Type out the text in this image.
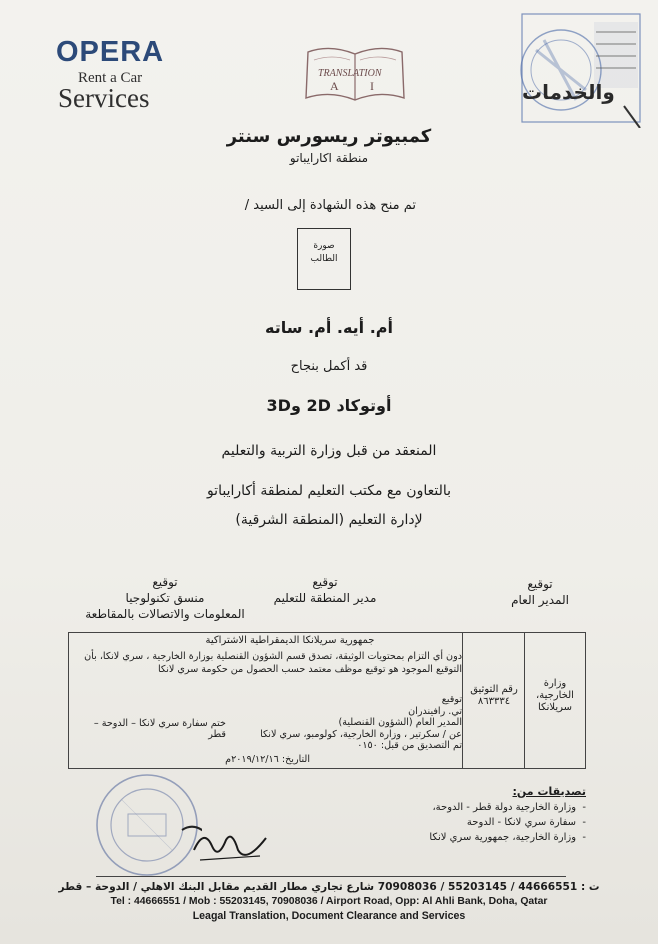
OPERA
Rent a Car
Services
TRANSLATION
A	I	والخدمات
كمبيوتر ريسورس سنتر
منطقة اكارايباتو
تم منح هذه الشهادة إلى السيد /
صورة
الطالب
أم. أيه. أم. ساته
قد أكمل بنجاح
أوتوكاد 2D و3D
المنعقد من قبل وزارة التربية والتعليم
بالتعاون مع مكتب التعليم لمنطقة أكارايباتو
لإدارة التعليم (المنطقة الشرقية)
توقيع
المدير العام
توقيع
مدير المنطقة للتعليم
توقيع
منسق تكنولوجيا
المعلومات والاتصالات بالمقاطعة
وزارة الخارجية، سريلانكا
رقم التوثيق
٨٦٣٣٣٤
جمهورية سريلانكا الديمقراطية الاشتراكية
دون أي التزام بمحتويات الوثيقة، تصدق قسم الشؤون القنصلية بوزارة الخارجية ، سري لانكا، بأن
التوقيع الموجود هو توقيع موظف معتمد حسب الحصول من حكومة سري لانكا
توقيع
تي. رافيندران
المدير العام (الشؤون القنصلية)
عن / سكرتير ، وزارة الخارجية، كولومبو، سري لانكا
تم التصديق من قبل: ٠١٥٠
ختم سفارة سري لانكا – الدوحة – قطر
التاريخ: ٢٠١٩/١٢/١٦م
تصديقات من:
-  وزارة الخارجية دولة قطر - الدوحة،
-  سفارة سري لانكا - الدوحة
-  وزارة الخارجية، جمهورية سري لانكا
ت : 44666551 / 55203145 / 70908036 شارع تجاري مطار القديم مقابل البنك الاهلي / الدوحة – قطر
Tel : 44666551 / Mob : 55203145, 70908036 / Airport Road, Opp: Al Ahli Bank, Doha, Qatar
Leagal Translation, Document Clearance and Services
